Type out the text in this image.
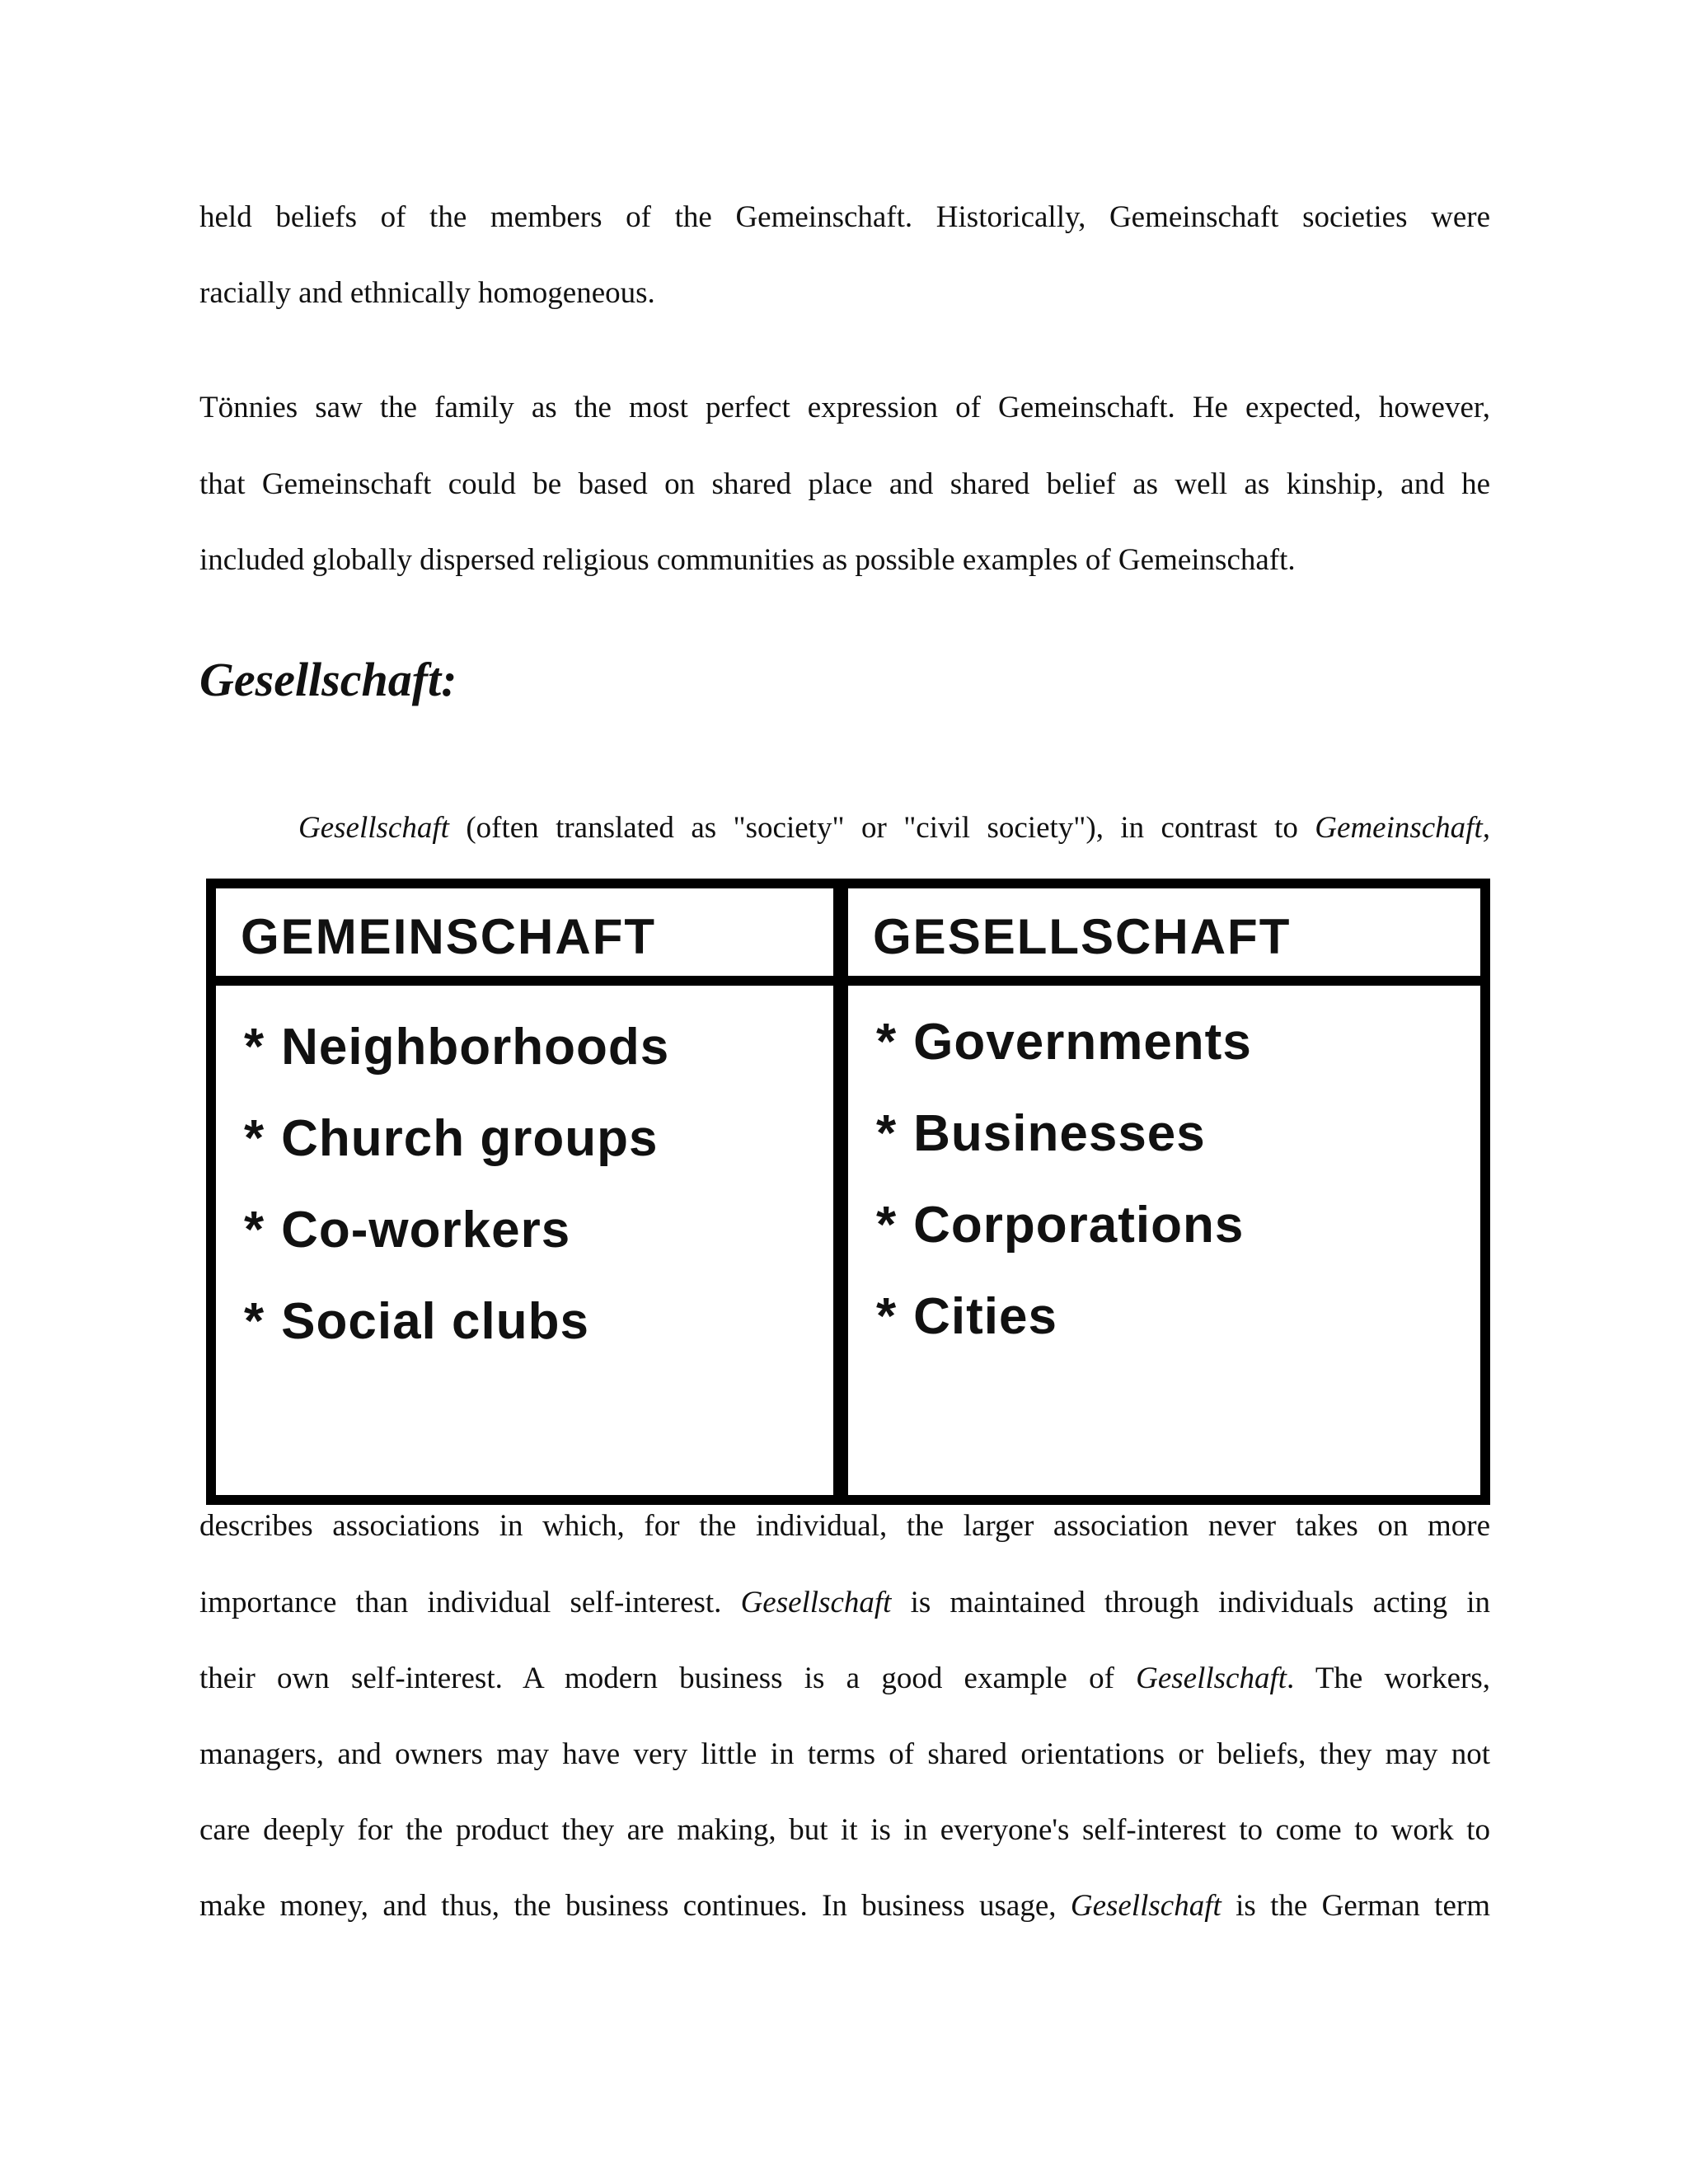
held beliefs of the members of the Gemeinschaft. Historically, Gemeinschaft societies were
racially and ethnically homogeneous.
Tönnies saw the family as the most perfect expression of Gemeinschaft. He expected, however,
that Gemeinschaft could be based on shared place and shared belief as well as kinship, and he
included globally dispersed religious communities as possible examples of Gemeinschaft.
Gesellschaft:
Gesellschaft (often translated as "society" or "civil society"), in contrast to Gemeinschaft,
GEMEINSCHAFT	GESELLSCHAFT
* Neighborhoods
* Church groups
* Co-workers
* Social clubs
* Governments
* Businesses
* Corporations
* Cities
describes associations in which, for the individual, the larger association never takes on more
importance than individual self-interest. Gesellschaft is maintained through individuals acting in
their own self-interest. A modern business is a good example of Gesellschaft. The workers,
managers, and owners may have very little in terms of shared orientations or beliefs, they may not
care deeply for the product they are making, but it is in everyone's self-interest to come to work to
make money, and thus, the business continues. In business usage, Gesellschaft is the German term
